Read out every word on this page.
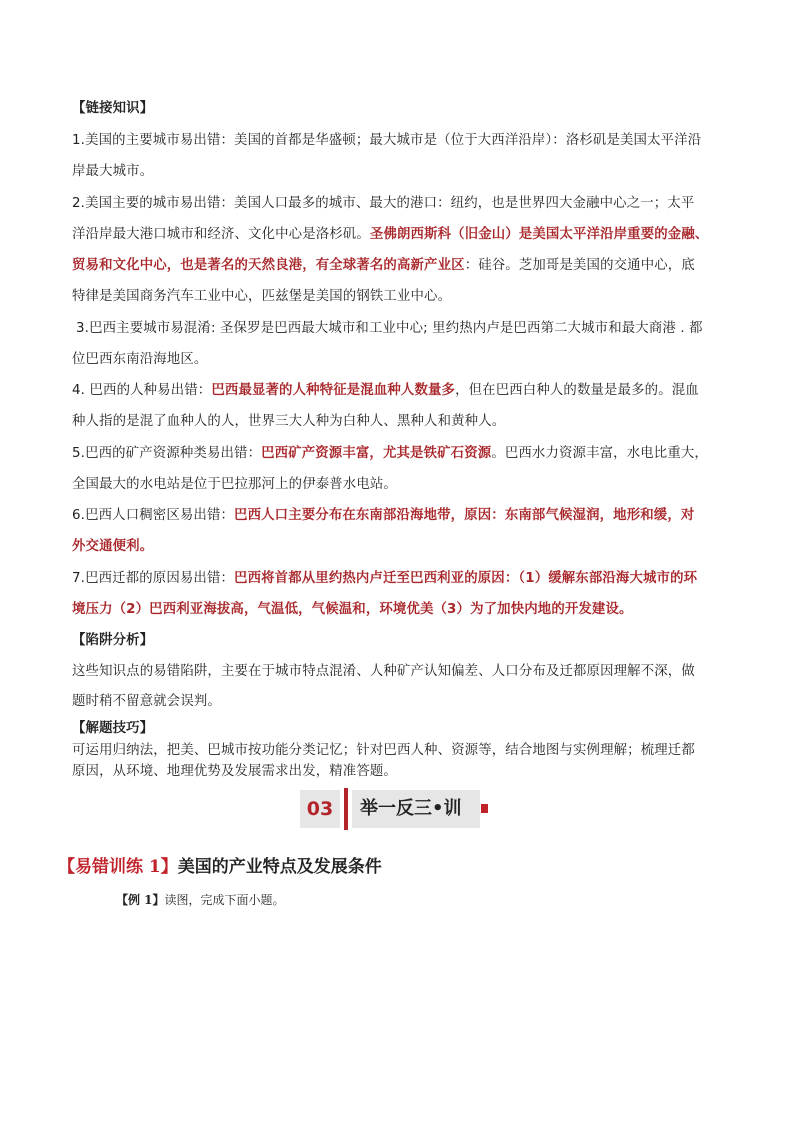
【链接知识】
1.美国的主要城市易出错：美国的首都是华盛顿；最大城市是（位于大西洋沿岸）：洛杉矶是美国太平洋沿
岸最大城市。
2.美国主要的城市易出错：美国人口最多的城市、最大的港口：纽约，也是世界四大金融中心之一；太平
洋沿岸最大港口城市和经济、文化中心是洛杉矶。圣佛朗西斯科（旧金山）是美国太平洋沿岸重要的金融、
贸易和文化中心，也是著名的天然良港，有全球著名的高新产业区：硅谷。芝加哥是美国的交通中心，底
特律是美国商务汽车工业中心，匹兹堡是美国的钢铁工业中心。
3.巴西主要城市易混淆: 圣保罗是巴西最大城市和工业中心; 里约热内卢是巴西第二大城市和最大商港 . 都
位巴西东南沿海地区。
4. 巴西的人种易出错：巴西最显著的人种特征是混血种人数量多，但在巴西白种人的数量是最多的。混血
种人指的是混了血种人的人，世界三大人种为白种人、黑种人和黄种人。
5.巴西的矿产资源种类易出错：巴西矿产资源丰富，尤其是铁矿石资源。巴西水力资源丰富，水电比重大，
全国最大的水电站是位于巴拉那河上的伊泰普水电站。
6.巴西人口稠密区易出错：巴西人口主要分布在东南部沿海地带，原因：东南部气候湿润，地形和缓，对
外交通便利。
7.巴西迁都的原因易出错：巴西将首都从里约热内卢迁至巴西利亚的原因：（1）缓解东部沿海大城市的环
境压力（2）巴西利亚海拔高，气温低，气候温和，环境优美（3）为了加快内地的开发建设。
【陷阱分析】
这些知识点的易错陷阱，主要在于城市特点混淆、人种矿产认知偏差、人口分布及迁都原因理解不深，做
题时稍不留意就会误判。
【解题技巧】
可运用归纳法，把美、巴城市按功能分类记忆；针对巴西人种、资源等，结合地图与实例理解；梳理迁都
原因，从环境、地理优势及发展需求出发，精准答题。
03	举一反三•训
【易错训练 1】美国的产业特点及发展条件
【例 1】读图，完成下面小题。
